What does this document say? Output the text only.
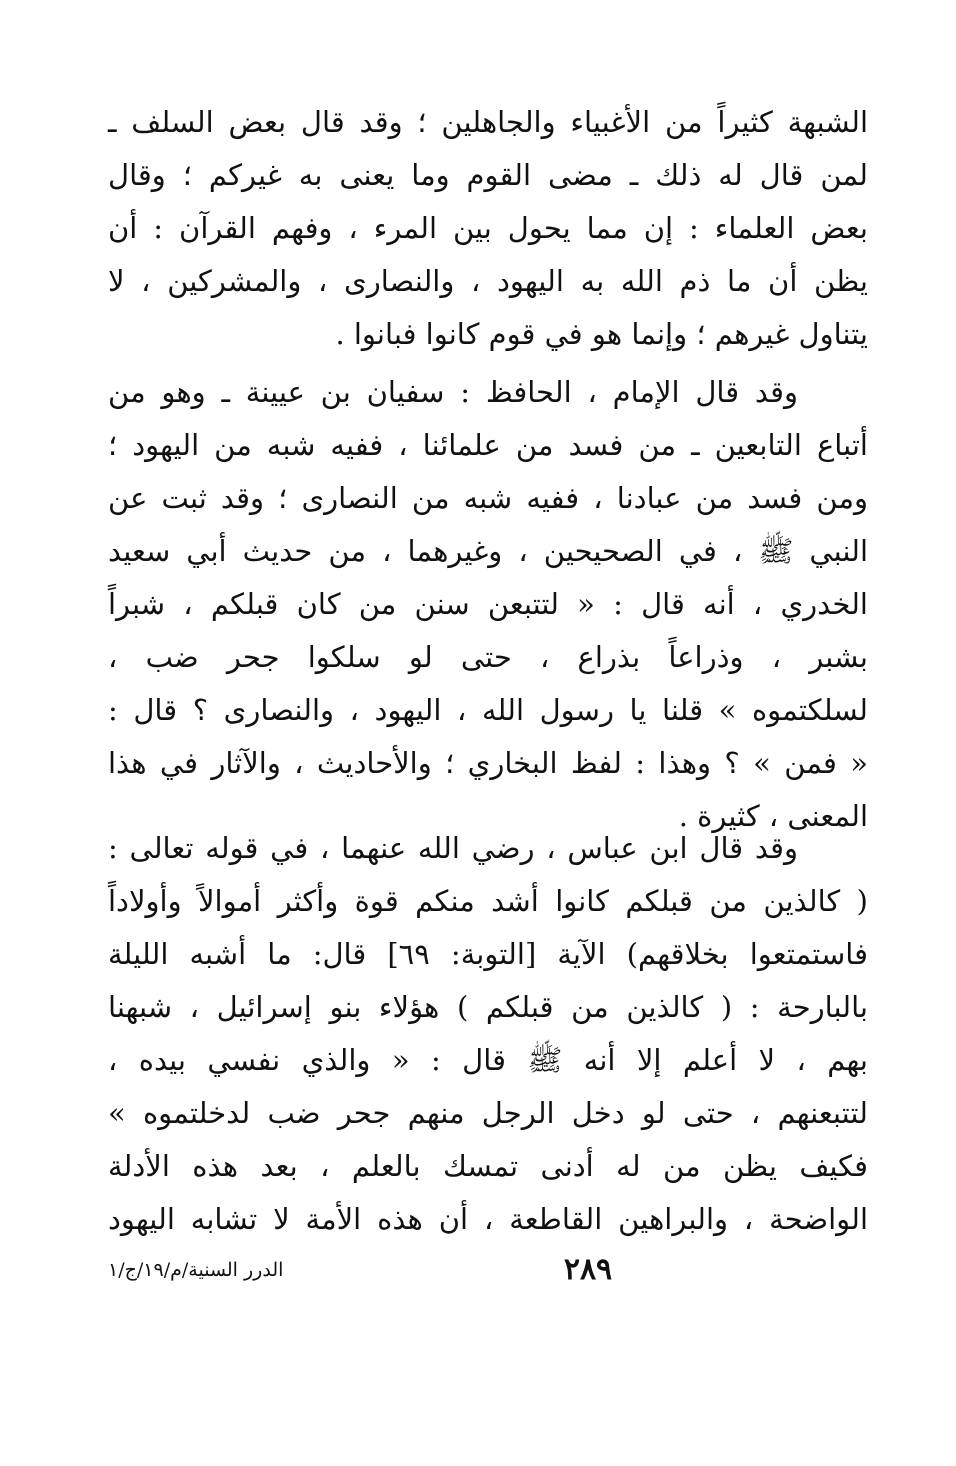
الشبهة كثيراً من الأغبياء والجاهلين ؛ وقد قال بعض السلف ـ
لمن قال له ذلك ـ مضى القوم وما يعنى به غيركم ؛ وقال
بعض العلماء : إن مما يحول بين المرء ، وفهم القرآن : أن
يظن أن ما ذم الله به اليهود ، والنصارى ، والمشركين ، لا
يتناول غيرهم ؛ وإنما هو في قوم كانوا فبانوا .
وقد قال الإمام ، الحافظ : سفيان بن عيينة ـ وهو من
أتباع التابعين ـ من فسد من علمائنا ، ففيه شبه من اليهود ؛
ومن فسد من عبادنا ، ففيه شبه من النصارى ؛ وقد ثبت عن
النبي ﷺ ، في الصحيحين ، وغيرهما ، من حديث أبي سعيد
الخدري ، أنه قال : « لتتبعن سنن من كان قبلكم ، شبراً
بشبر ، وذراعاً بذراع ، حتى لو سلكوا جحر ضب ،
لسلكتموه » قلنا يا رسول الله ، اليهود ، والنصارى ؟ قال :
« فمن » ؟ وهذا : لفظ البخاري ؛ والأحاديث ، والآثار في هذا
المعنى ، كثيرة .
وقد قال ابن عباس ، رضي الله عنهما ، في قوله تعالى :
( كالذين من قبلكم كانوا أشد منكم قوة وأكثر أموالاً وأولاداً
فاستمتعوا بخلاقهم) الآية [التوبة: ٦٩] قال: ما أشبه الليلة
بالبارحة : ( كالذين من قبلكم ) هؤلاء بنو إسرائيل ، شبهنا
بهم ، لا أعلم إلا أنه ﷺ قال : « والذي نفسي بيده ،
لتتبعنهم ، حتى لو دخل الرجل منهم جحر ضب لدخلتموه »
فكيف يظن من له أدنى تمسك بالعلم ، بعد هذه الأدلة
الواضحة ، والبراهين القاطعة ، أن هذه الأمة لا تشابه اليهود
٢٨٩
الدرر السنية/م/١٩/ج/١
